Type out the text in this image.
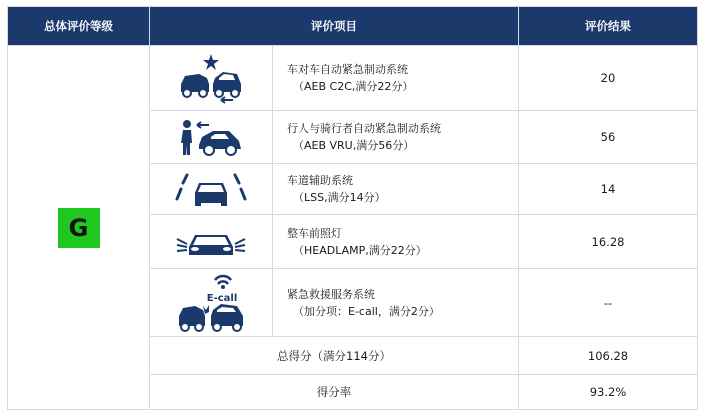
总体评价等级	评价项目		评价结果
G		车对车自动紧急制动系统
（AEB C2C,满分22分）	20

	行人与骑行者自动紧急制动系统
（AEB VRU,满分56分）	56

	车道辅助系统
（LSS,满分14分）	14

	整车前照灯
（HEADLAMP,满分22分）	16.28

E-call	紧急救援服务系统
（加分项：E-call，满分2分）	--
	总得分（满分114分）		106.28
	得分率		93.2%
